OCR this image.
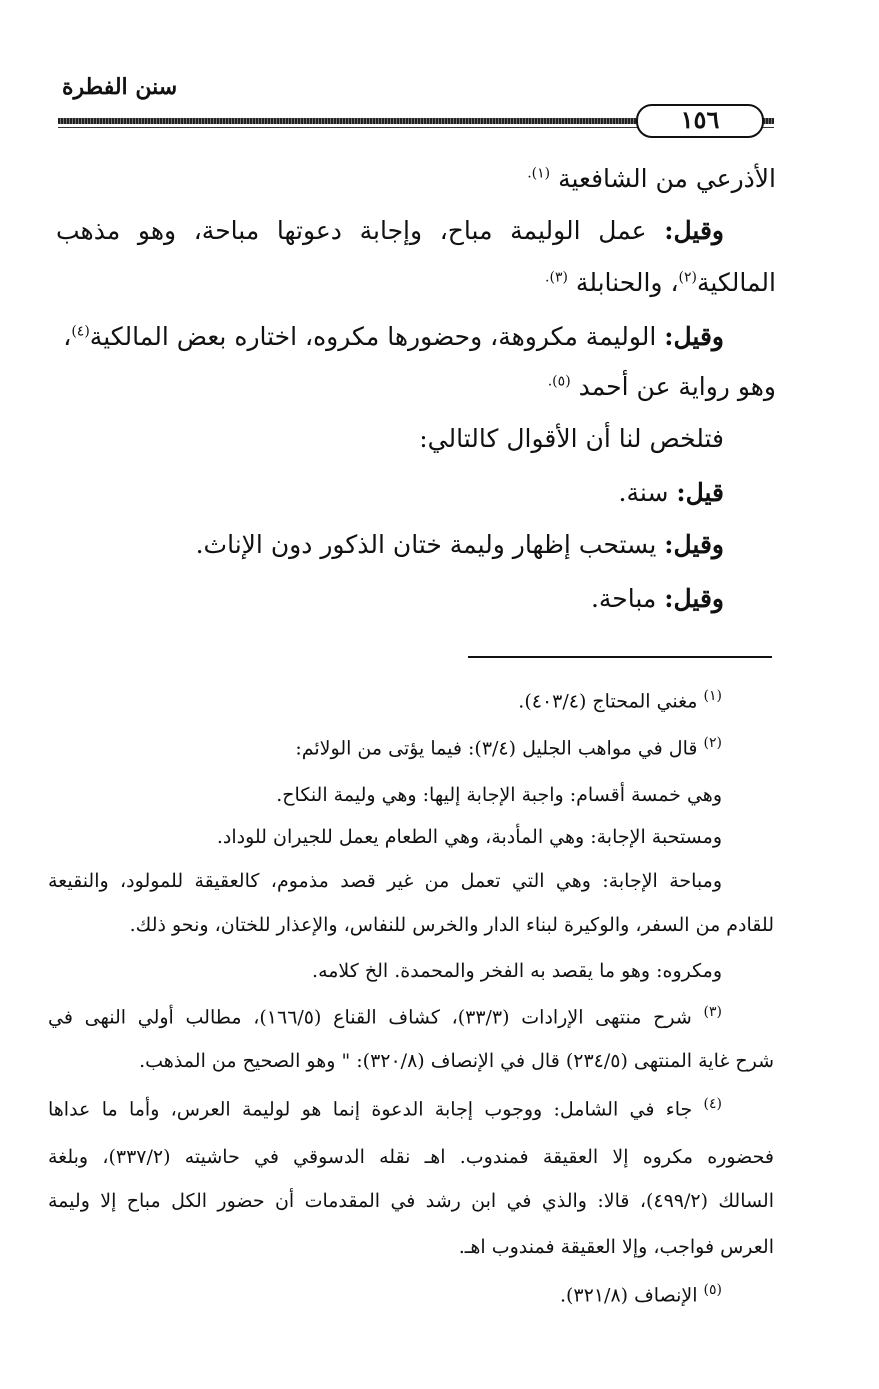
سنن الفطرة
١٥٦
الأذرعي من الشافعية $^{(١).}$
وقيل: عمل الوليمة مباح، وإجابة دعوتها مباحة، وهو مذهب
المالكية$^{(٢)}$، والحنابلة $^{(٣).}$
وقيل: الوليمة مكروهة، وحضورها مكروه، اختاره بعض المالكية$^{(٤)}$،
وهو رواية عن أحمد $^{(٥).}$
فتلخص لنا أن الأقوال كالتالي:
قيل: سنة.
وقيل: يستحب إظهار وليمة ختان الذكور دون الإناث.
وقيل: مباحة.
$^{(١)}$ مغني المحتاج (٤٠٣/٤).
$^{(٢)}$ قال في مواهب الجليل (٣/٤): فيما يؤتى من الولائم:
وهي خمسة أقسام: واجبة الإجابة إليها: وهي وليمة النكاح.
ومستحبة الإجابة: وهي المأدبة، وهي الطعام يعمل للجيران للوداد.
ومباحة الإجابة: وهي التي تعمل من غير قصد مذموم، كالعقيقة للمولود، والنقيعة
للقادم من السفر، والوكيرة لبناء الدار والخرس للنفاس، والإعذار للختان، ونحو ذلك.
ومكروه: وهو ما يقصد به الفخر والمحمدة. الخ كلامه.
$^{(٣)}$ شرح منتهى الإرادات (٣٣/٣)، كشاف القناع (١٦٦/٥)، مطالب أولي النهى في
شرح غاية المنتهى (٢٣٤/٥) قال في الإنصاف (٣٢٠/٨): " وهو الصحيح من المذهب.
$^{(٤)}$ جاء في الشامل: ووجوب إجابة الدعوة إنما هو لوليمة العرس، وأما ما عداها
فحضوره مكروه إلا العقيقة فمندوب. اهـ نقله الدسوقي في حاشيته (٣٣٧/٢)، وبلغة
السالك (٤٩٩/٢)، قالا: والذي في ابن رشد في المقدمات أن حضور الكل مباح إلا وليمة
العرس فواجب، وإلا العقيقة فمندوب اهـ.
$^{(٥)}$ الإنصاف (٣٢١/٨).
